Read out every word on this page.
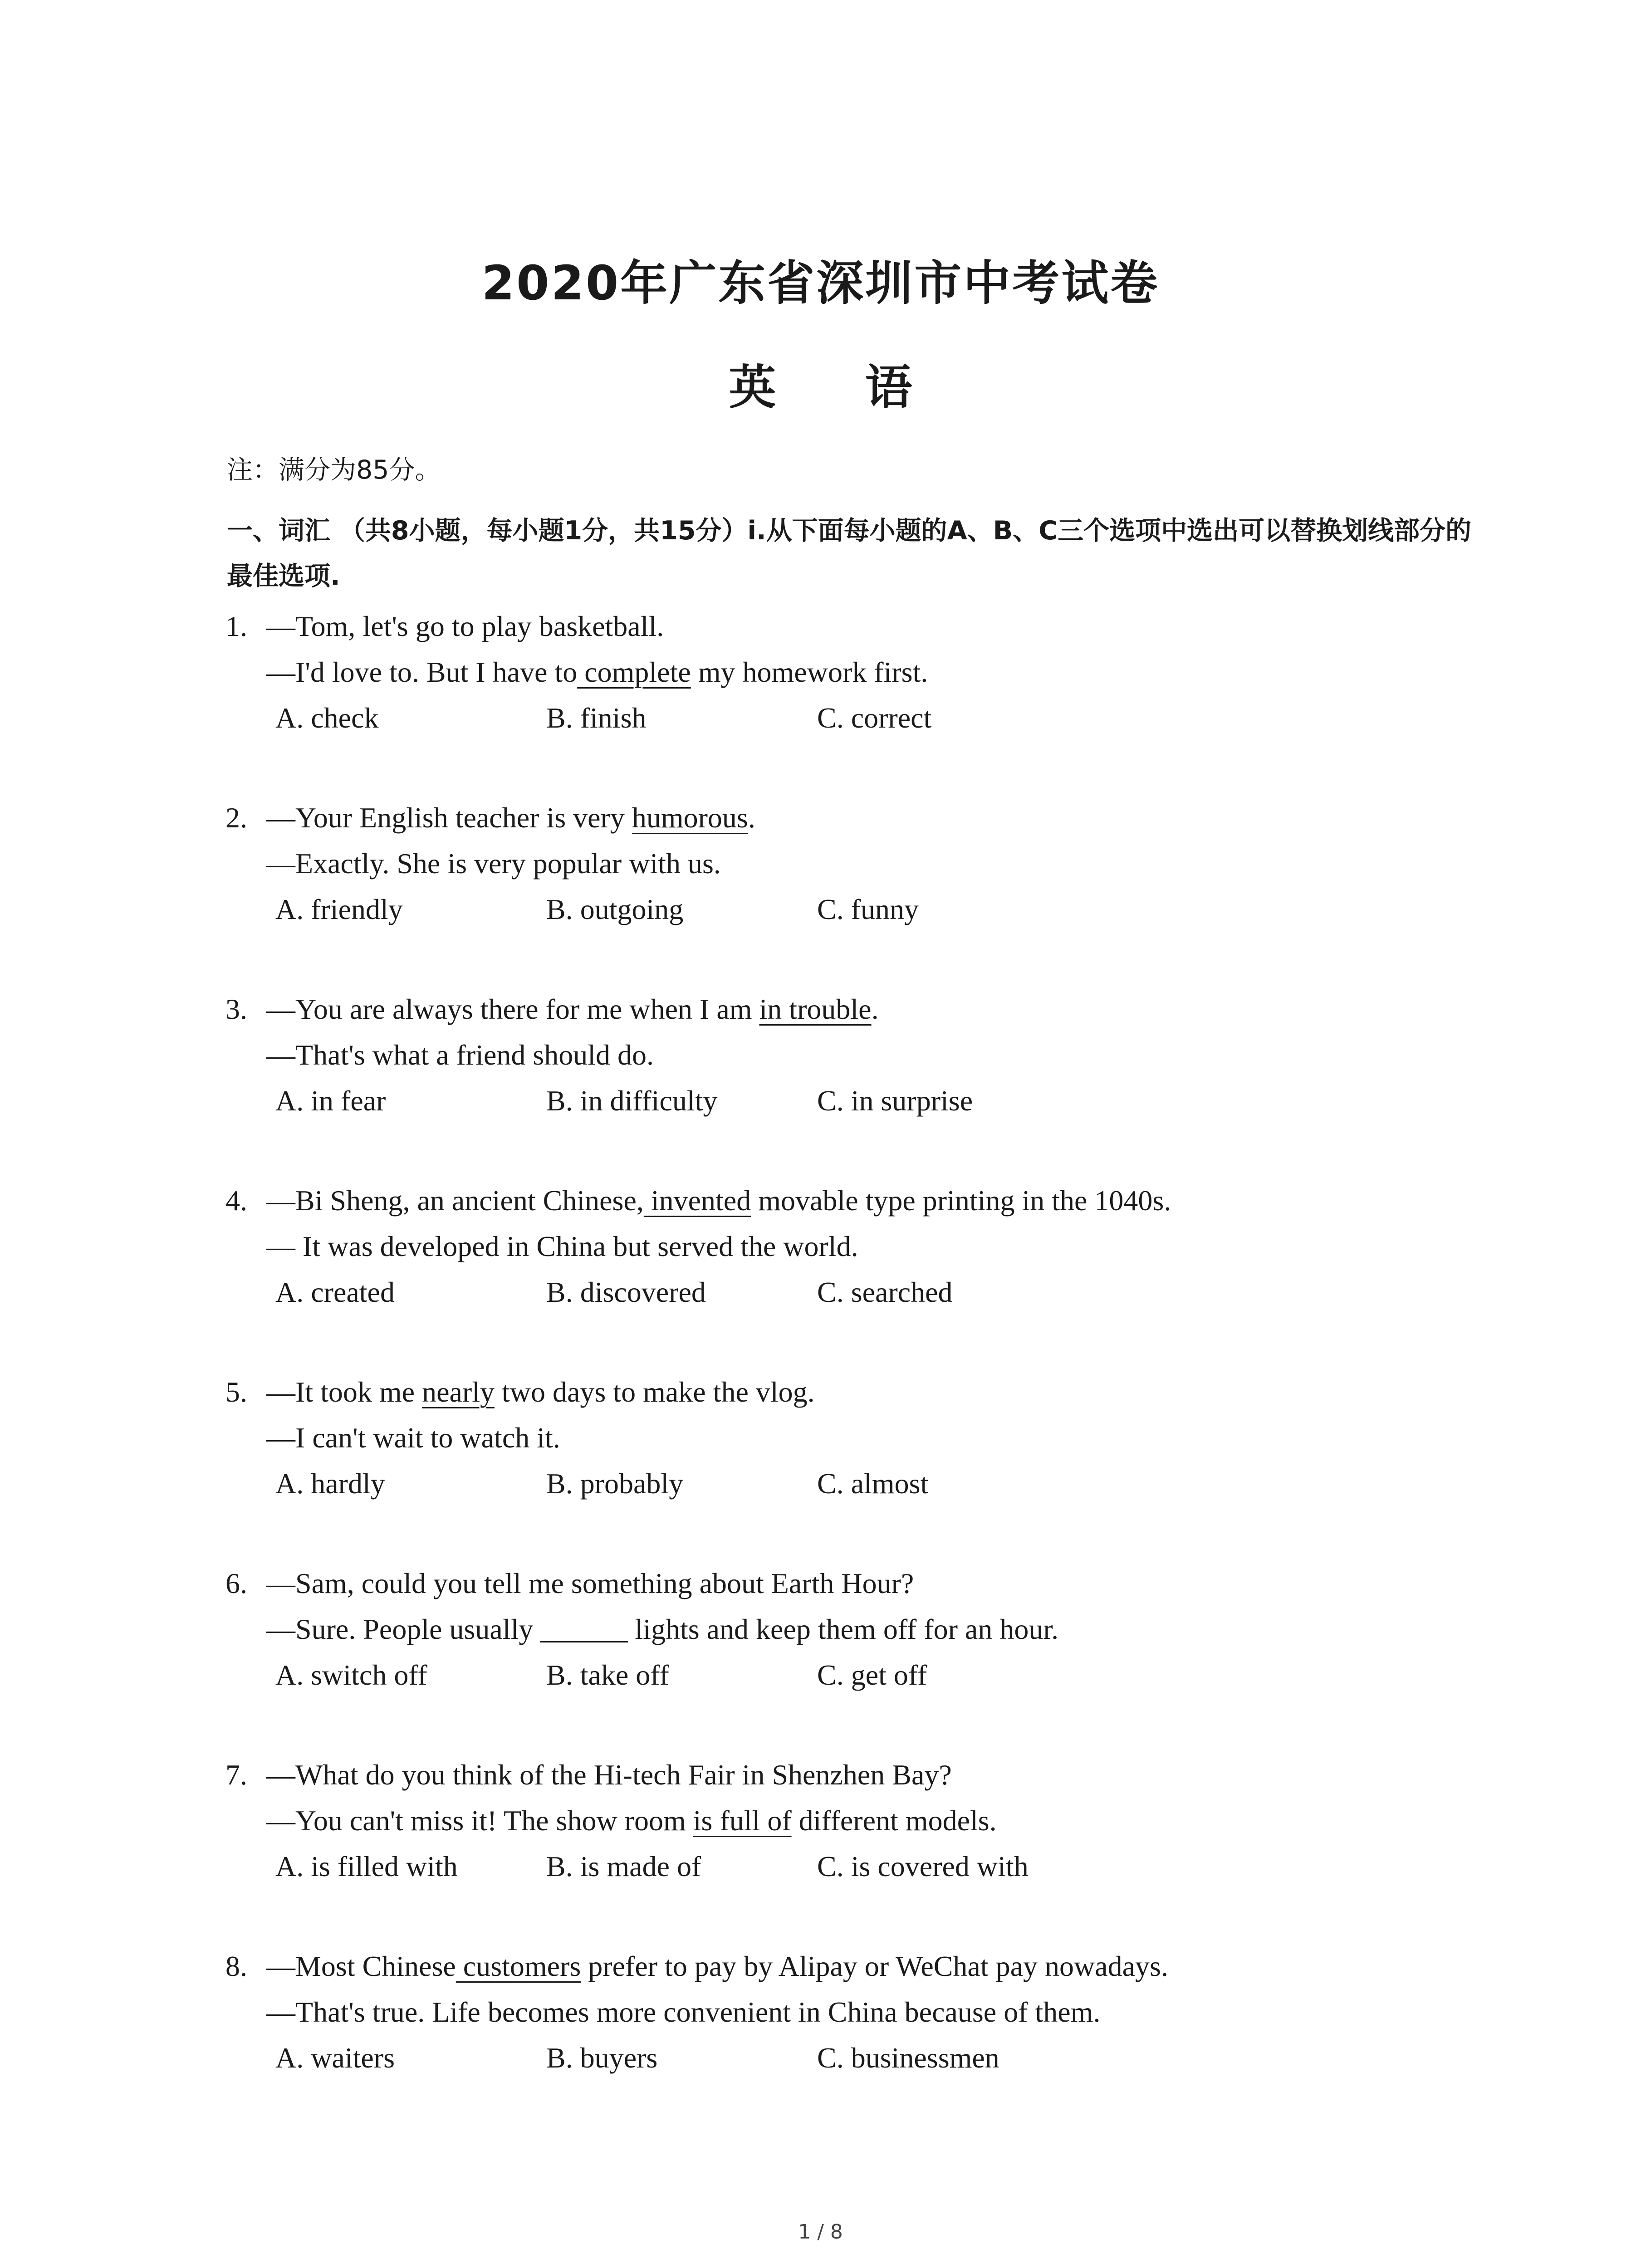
2020年广东省深圳市中考试卷
英 语
注：满分为85分。
一、词汇 （共8小题，每小题1分，共15分）i.从下面每小题的A、B、C三个选项中选出可以替换划线部分的最佳选项.
1. —Tom, let's go to play basketball.
—I'd love to. But I have to complete my homework first.
A. check	B. finish	C. correct
2. —Your English teacher is very humorous.
—Exactly. She is very popular with us.
A. friendly	B. outgoing	C. funny
3. —You are always there for me when I am in trouble.
—That's what a friend should do.
A. in fear	B. in difficulty	C. in surprise
4. —Bi Sheng, an ancient Chinese, invented movable type printing in the 1040s.
— It was developed in China but served the world.
A. created	B. discovered	C. searched
5. —It took me nearly two days to make the vlog.
—I can't wait to watch it.
A. hardly	B. probably	C. almost
6. —Sam, could you tell me something about Earth Hour?
—Sure. People usually ______ lights and keep them off for an hour.
A. switch off	B. take off	C. get off
7. —What do you think of the Hi-tech Fair in Shenzhen Bay?
—You can't miss it! The show room is full of different models.
A. is filled with	B. is made of	C. is covered with
8. —Most Chinese customers prefer to pay by Alipay or WeChat pay nowadays.
—That's true. Life becomes more convenient in China because of them.
A. waiters	B. buyers	C. businessmen
1 / 8
